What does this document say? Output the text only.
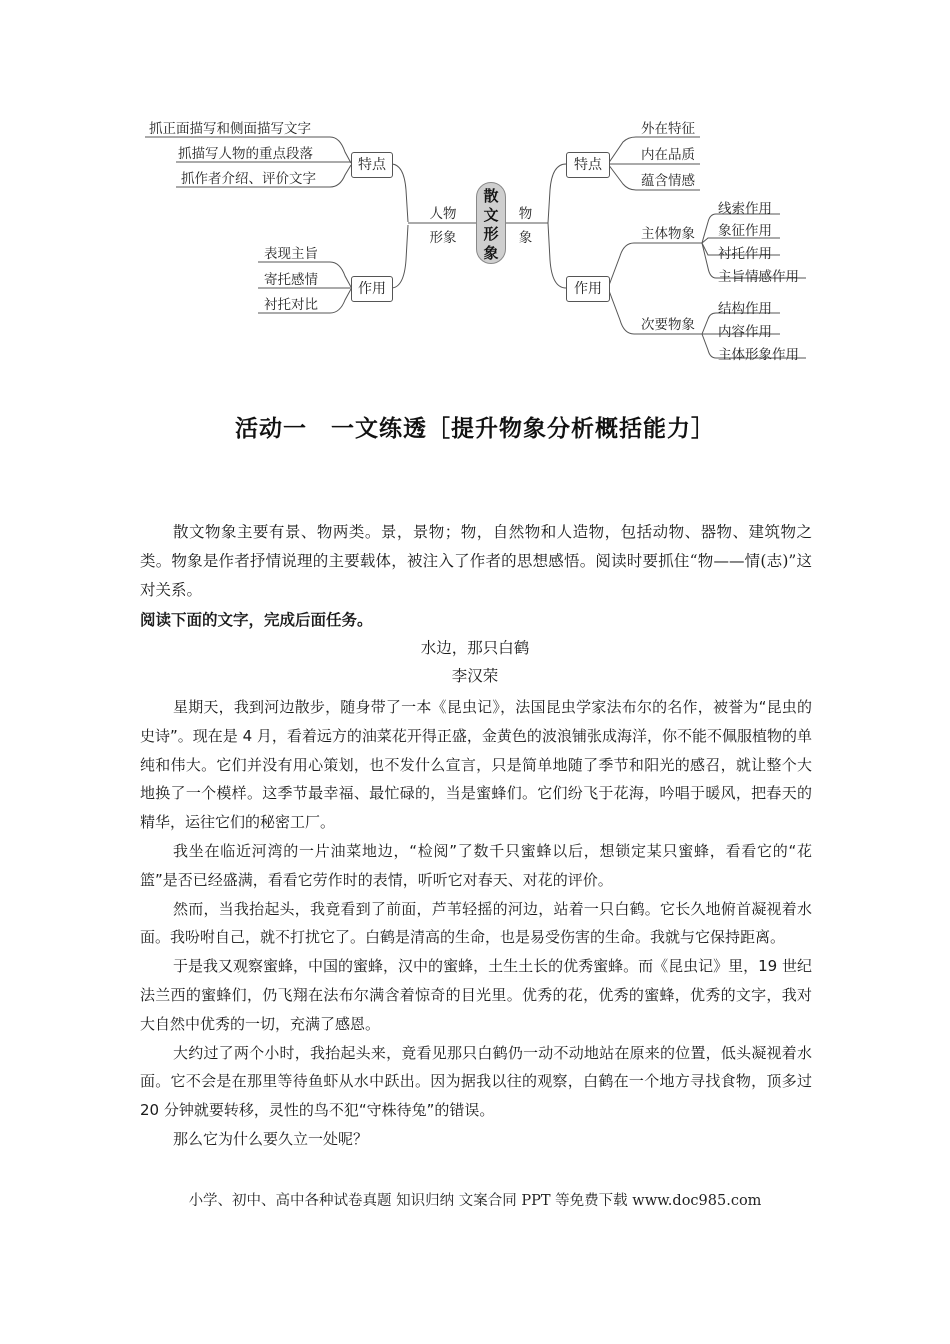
抓正面描写和侧面描写文字
抓描写人物的重点段落
抓作者介绍、评价文字
特点
表现主旨
寄托感情
衬托对比
作用
人物形象
散文形象
物象
特点
外在特征
内在品质
蕴含情感
作用
主体物象
次要物象
线索作用
象征作用
衬托作用
主旨情感作用
结构作用
内容作用
主体形象作用
活动一　一文练透［提升物象分析概括能力］
散文物象主要有景、物两类。景，景物；物，自然物和人造物，包括动物、器物、建筑物之类。物象是作者抒情说理的主要载体，被注入了作者的思想感悟。阅读时要抓住“物——情(志)”这对关系。
阅读下面的文字，完成后面任务。
水边，那只白鹤
李汉荣

星期天，我到河边散步，随身带了一本《昆虫记》，法国昆虫学家法布尔的名作，被誉为“昆虫的史诗”。现在是 4 月，看着远方的油菜花开得正盛，金黄色的波浪铺张成海洋，你不能不佩服植物的单纯和伟大。它们并没有用心策划，也不发什么宣言，只是简单地随了季节和阳光的感召，就让整个大地换了一个模样。这季节最幸福、最忙碌的，当是蜜蜂们。它们纷飞于花海，吟唱于暖风，把春天的精华，运往它们的秘密工厂。

我坐在临近河湾的一片油菜地边，“检阅”了数千只蜜蜂以后，想锁定某只蜜蜂，看看它的“花篮”是否已经盛满，看看它劳作时的表情，听听它对春天、对花的评价。

然而，当我抬起头，我竟看到了前面，芦苇轻摇的河边，站着一只白鹤。它长久地俯首凝视着水面。我吩咐自己，就不打扰它了。白鹤是清高的生命，也是易受伤害的生命。我就与它保持距离。

于是我又观察蜜蜂，中国的蜜蜂，汉中的蜜蜂，土生土长的优秀蜜蜂。而《昆虫记》里，19 世纪法兰西的蜜蜂们，仍飞翔在法布尔满含着惊奇的目光里。优秀的花，优秀的蜜蜂，优秀的文字，我对大自然中优秀的一切，充满了感恩。

大约过了两个小时，我抬起头来，竟看见那只白鹤仍一动不动地站在原来的位置，低头凝视着水面。它不会是在那里等待鱼虾从水中跃出。因为据我以往的观察，白鹤在一个地方寻找食物，顶多过 20 分钟就要转移，灵性的鸟不犯“守株待兔”的错误。

那么它为什么要久立一处呢？

小学、初中、高中各种试卷真题 知识归纳 文案合同 PPT 等免费下载 www.doc985.com
